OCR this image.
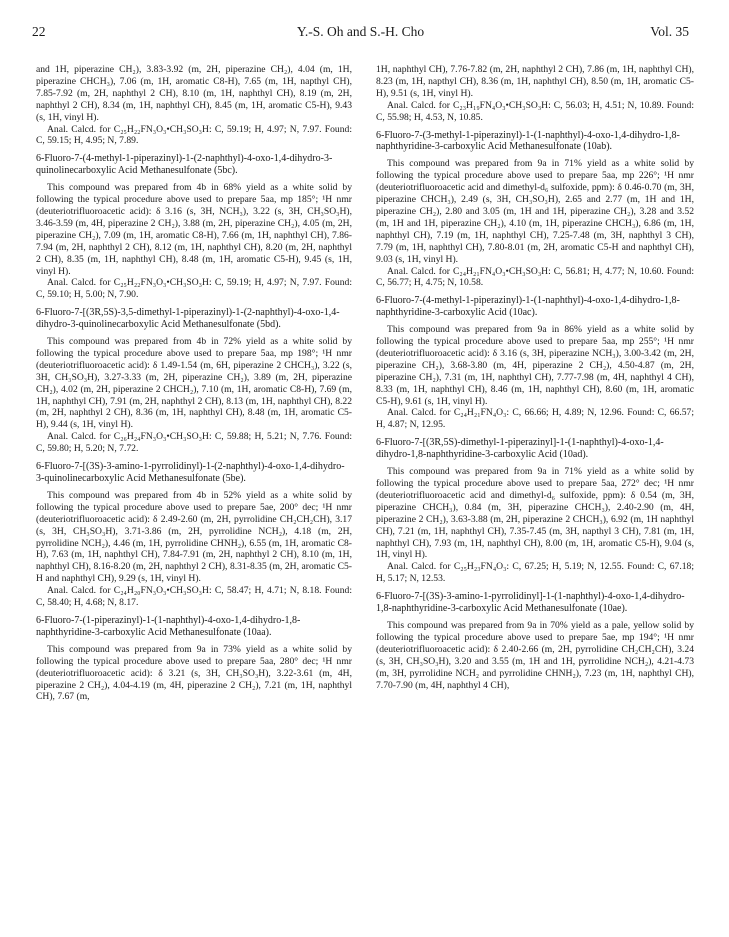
22	Y.-S. Oh and S.-H. Cho	Vol. 35

and 1H, piperazine CH₂), 3.83-3.92 (m, 2H, piperazine CH₂), 4.04 (m, 1H, piperazine CHCH₃), 7.06 (m, 1H, aromatic C8-H), 7.65 (m, 1H, napthyl CH), 7.85-7.92 (m, 2H, naphthyl 2 CH), 8.10 (m, 1H, naphthyl CH), 8.19 (m, 2H, naphthyl 2 CH), 8.34 (m, 1H, naphthyl CH), 8.45 (m, 1H, aromatic C5-H), 9.43 (s, 1H, vinyl H).

Anal. Calcd. for C₂₅H₂₂FN₃O₃•CH₃SO₃H: C, 59.19; H, 4.97; N, 7.97. Found: C, 59.15; H, 4.95; N, 7.89.

6-Fluoro-7-(4-methyl-1-piperazinyl)-1-(2-naphthyl)-4-oxo-1,4-dihydro-3-quinolinecarboxylic Acid Methanesulfonate (5bc).

This compound was prepared from 4b in 68% yield as a white solid by following the typical procedure above used to prepare 5aa, mp 185°; ¹H nmr (deuteriotrifluoroacetic acid): δ 3.16 (s, 3H, NCH₃), 3.22 (s, 3H, CH₃SO₃H), 3.46-3.59 (m, 4H, piperazine 2 CH₂), 3.88 (m, 2H, piperazine CH₂), 4.05 (m, 2H, piperazine CH₂), 7.09 (m, 1H, aromatic C8-H), 7.66 (m, 1H, naphthyl CH), 7.86-7.94 (m, 2H, naphthyl 2 CH), 8.12 (m, 1H, naphthyl CH), 8.20 (m, 2H, naphthyl 2 CH), 8.35 (m, 1H, naphthyl CH), 8.48 (m, 1H, aromatic C5-H), 9.45 (s, 1H, vinyl H).

Anal. Calcd. for C₂₅H₂₂FN₃O₃•CH₃SO₃H: C, 59.19; H, 4.97; N, 7.97. Found: C, 59.10; H, 5.00; N, 7.90.

6-Fluoro-7-[(3R,5S)-3,5-dimethyl-1-piperazinyl)-1-(2-naphthyl)-4-oxo-1,4-dihydro-3-quinolinecarboxylic Acid Methanesulfonate (5bd).

This compound was prepared from 4b in 72% yield as a white solid by following the typical procedure above used to prepare 5aa, mp 198°; ¹H nmr (deuteriotrifluoroacetic acid): δ 1.49-1.54 (m, 6H, piperazine 2 CHCH₃), 3.22 (s, 3H, CH₃SO₃H), 3.27-3.33 (m, 2H, piperazine CH₂), 3.89 (m, 2H, piperazine CH₂), 4.02 (m, 2H, piperazine 2 CHCH₂), 7.10 (m, 1H, aromatic C8-H), 7.69 (m, 1H, naphthyl CH), 7.91 (m, 2H, naphthyl 2 CH), 8.13 (m, 1H, naphthyl CH), 8.22 (m, 2H, naphthyl 2 CH), 8.36 (m, 1H, naphthyl CH), 8.48 (m, 1H, aromatic C5-H), 9.44 (s, 1H, vinyl H).

Anal. Calcd. for C₂₆H₂₄FN₃O₃•CH₃SO₃H: C, 59.88; H, 5.21; N, 7.76. Found: C, 59.80; H, 5.20; N, 7.72.

6-Fluoro-7-[(3S)-3-amino-1-pyrrolidinyl)-1-(2-naphthyl)-4-oxo-1,4-dihydro-3-quinolinecarboxylic Acid Methanesulfonate (5be).

This compound was prepared from 4b in 52% yield as a white solid by following the typical procedure above used to prepare 5ae, 200° dec; ¹H nmr (deuteriotrifluoroacetic acid): δ 2.49-2.60 (m, 2H, pyrrolidine CH₂CH₂CH), 3.17 (s, 3H, CH₃SO₃H), 3.71-3.86 (m, 2H, pyrrolidine NCH₂), 4.18 (m, 2H, pyrrolidine NCH₂), 4.46 (m, 1H, pyrrolidine CHNH₂), 6.55 (m, 1H, aromatic C8-H), 7.63 (m, 1H, naphthyl CH), 7.84-7.91 (m, 2H, naphthyl 2 CH), 8.10 (m, 1H, naphthyl CH), 8.16-8.20 (m, 2H, naphthyl 2 CH), 8.31-8.35 (m, 2H, aromatic C5-H and naphthyl CH), 9.29 (s, 1H, vinyl H).

Anal. Calcd. for C₂₄H₂₀FN₃O₃•CH₃SO₃H: C, 58.47; H, 4.71; N, 8.18. Found: C, 58.40; H, 4.68; N, 8.17.

6-Fluoro-7-(1-piperazinyl)-1-(1-naphthyl)-4-oxo-1,4-dihydro-1,8-naphthyridine-3-carboxylic Acid Methanesulfonate (10aa).

This compound was prepared from 9a in 73% yield as a white solid by following the typical procedure above used to prepare 5aa, 280° dec; ¹H nmr (deuteriotrifluoroacetic acid): δ 3.21 (s, 3H, CH₃SO₃H), 3.22-3.61 (m, 4H, piperazine 2 CH₂), 4.04-4.19 (m, 4H, piperazine 2 CH₂), 7.21 (m, 1H, naphthyl CH), 7.67 (m,

1H, naphthyl CH), 7.76-7.82 (m, 2H, naphthyl 2 CH), 7.86 (m, 1H, naphthyl CH), 8.23 (m, 1H, napthyl CH), 8.36 (m, 1H, naphthyl CH), 8.50 (m, 1H, aromatic C5-H), 9.51 (s, 1H, vinyl H).

Anal. Calcd. for C₂₃H₁₉FN₄O₃•CH₃SO₃H: C, 56.03; H, 4.51; N, 10.89. Found: C, 55.98; H, 4.53, N, 10.85.

6-Fluoro-7-(3-methyl-1-piperazinyl)-1-(1-naphthyl)-4-oxo-1,4-dihydro-1,8-naphthyridine-3-carboxylic Acid Methanesulfonate (10ab).

This compound was prepared from 9a in 71% yield as a white solid by following the typical procedure above used to prepare 5aa, mp 226°; ¹H nmr (deuteriotrifluoroacetic acid and dimethyl-d₆ sulfoxide, ppm): δ 0.46-0.70 (m, 3H, piperazine CHCH₃), 2.49 (s, 3H, CH₃SO₃H), 2.65 and 2.77 (m, 1H and 1H, piperazine CH₂), 2.80 and 3.05 (m, 1H and 1H, piperazine CH₂), 3.28 and 3.52 (m, 1H and 1H, piperazine CH₂), 4.10 (m, 1H, piperazine CHCH₃), 6.86 (m, 1H, naphthyl CH), 7.19 (m, 1H, naphthyl CH), 7.25-7.48 (m, 3H, naphthyl 3 CH), 7.79 (m, 1H, naphthyl CH), 7.80-8.01 (m, 2H, aromatic C5-H and naphthyl CH), 9.03 (s, 1H, vinyl H).

Anal. Calcd. for C₂₄H₂₁FN₄O₃•CH₃SO₃H: C, 56.81; H, 4.77; N, 10.60. Found: C, 56.77; H, 4.75; N, 10.58.

6-Fluoro-7-(4-methyl-1-piperazinyl)-1-(1-naphthyl)-4-oxo-1,4-dihydro-1,8-naphthyridine-3-carboxylic Acid (10ac).

This compound was prepared from 9a in 86% yield as a white solid by following the typical procedure above used to prepare 5aa, mp 255°; ¹H nmr (deuteriotrifluoroacetic acid): δ 3.16 (s, 3H, piperazine NCH₃), 3.00-3.42 (m, 2H, piperazine CH₂), 3.68-3.80 (m, 4H, piperazine 2 CH₂), 4.50-4.87 (m, 2H, piperazine CH₂), 7.31 (m, 1H, naphthyl CH), 7.77-7.98 (m, 4H, naphthyl 4 CH), 8.33 (m, 1H, naphthyl CH), 8.46 (m, 1H, naphthyl CH), 8.60 (m, 1H, aromatic C5-H), 9.61 (s, 1H, vinyl H).

Anal. Calcd. for C₂₄H₂₁FN₄O₃: C, 66.66; H, 4.89; N, 12.96. Found: C, 66.57; H, 4.87; N, 12.95.

6-Fluoro-7-[(3R,5S)-dimethyl-1-piperazinyl]-1-(1-naphthyl)-4-oxo-1,4-dihydro-1,8-naphthyridine-3-carboxylic Acid (10ad).

This compound was prepared from 9a in 71% yield as a white solid by following the typical procedure above used to prepare 5aa, 272° dec; ¹H nmr (deuteriotrifluoroacetic acid and dimethyl-d₆ sulfoxide, ppm): δ 0.54 (m, 3H, piperazine CHCH₃), 0.84 (m, 3H, piperazine CHCH₃), 2.40-2.90 (m, 4H, piperazine 2 CH₂), 3.63-3.88 (m, 2H, piperazine 2 CHCH₃), 6.92 (m, 1H naphthyl CH), 7.21 (m, 1H, naphthyl CH), 7.35-7.45 (m, 3H, napthyl 3 CH), 7.81 (m, 1H, naphthyl CH), 7.93 (m, 1H, naphthyl CH), 8.00 (m, 1H, aromatic C5-H), 9.04 (s, 1H, vinyl H).

Anal. Calcd. for C₂₅H₂₃FN₄O₃: C, 67.25; H, 5.19; N, 12.55. Found: C, 67.18; H, 5.17; N, 12.53.

6-Fluoro-7-[(3S)-3-amino-1-pyrrolidinyl]-1-(1-naphthyl)-4-oxo-1,4-dihydro-1,8-naphthyridine-3-carboxylic Acid Methanesulfonate (10ae).

This compound was prepared from 9a in 70% yield as a pale, yellow solid by following the typical procedure above used to prepare 5ae, mp 194°; ¹H nmr (deuteriotrifluoroacetic acid): δ 2.40-2.66 (m, 2H, pyrrolidine CH₂CH₂CH), 3.24 (s, 3H, CH₃SO₃H), 3.20 and 3.55 (m, 1H and 1H, pyrrolidine NCH₂), 4.21-4.73 (m, 3H, pyrrolidine NCH₂ and pyrrolidine CHNH₂), 7.23 (m, 1H, naphthyl CH), 7.70-7.90 (m, 4H, naphthyl 4 CH),
